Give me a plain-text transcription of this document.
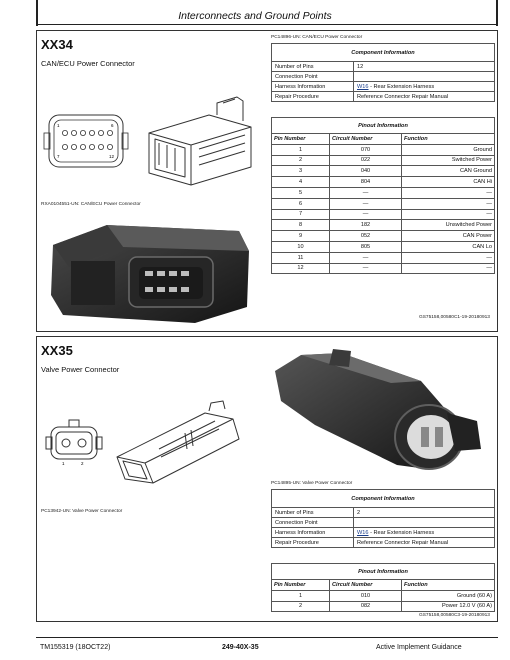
Interconnects and Ground Points
XX34
CAN/ECU Power Connector
1	6
7	12
RXA0104551-UN: CAN/ECU Power Connector
PC14896-UN: CAN/ECU Power Connector
Component Information	
Number of Pins	12
Connection Point	
Harness Information	W16 - Rear Extension Harness
Repair Procedure	Reference Connector Repair Manual
Pinout Information		
Pin Number	Circuit Number	Function
1	070	Ground
2	022	Switched Power
3	040	CAN Ground
4	804	CAN Hi
5	—	—
6	—	—
7	—	—
8	182	Unswitched Power
9	052	CAN Power
10	805	CAN Lo
11	—	—
12	—	—
GS75158,00580C1-19-20180913
XX35
Valve Power Connector
1	2
PC13942-UN: Valve Power Connector
PC14895-UN: Valve Power Connector
Component Information	
Number of Pins	2
Connection Point	
Harness Information	W16 - Rear Extension Harness
Repair Procedure	Reference Connector Repair Manual
Pinout Information		
Pin Number	Circuit Number	Function
1	010	Ground (60 A)
2	082	Power 12.0 V (60 A)
GS75158,00580C3-19-20180913
TM155319 (18OCT22)	249-40X-35	Active Implement Guidance
